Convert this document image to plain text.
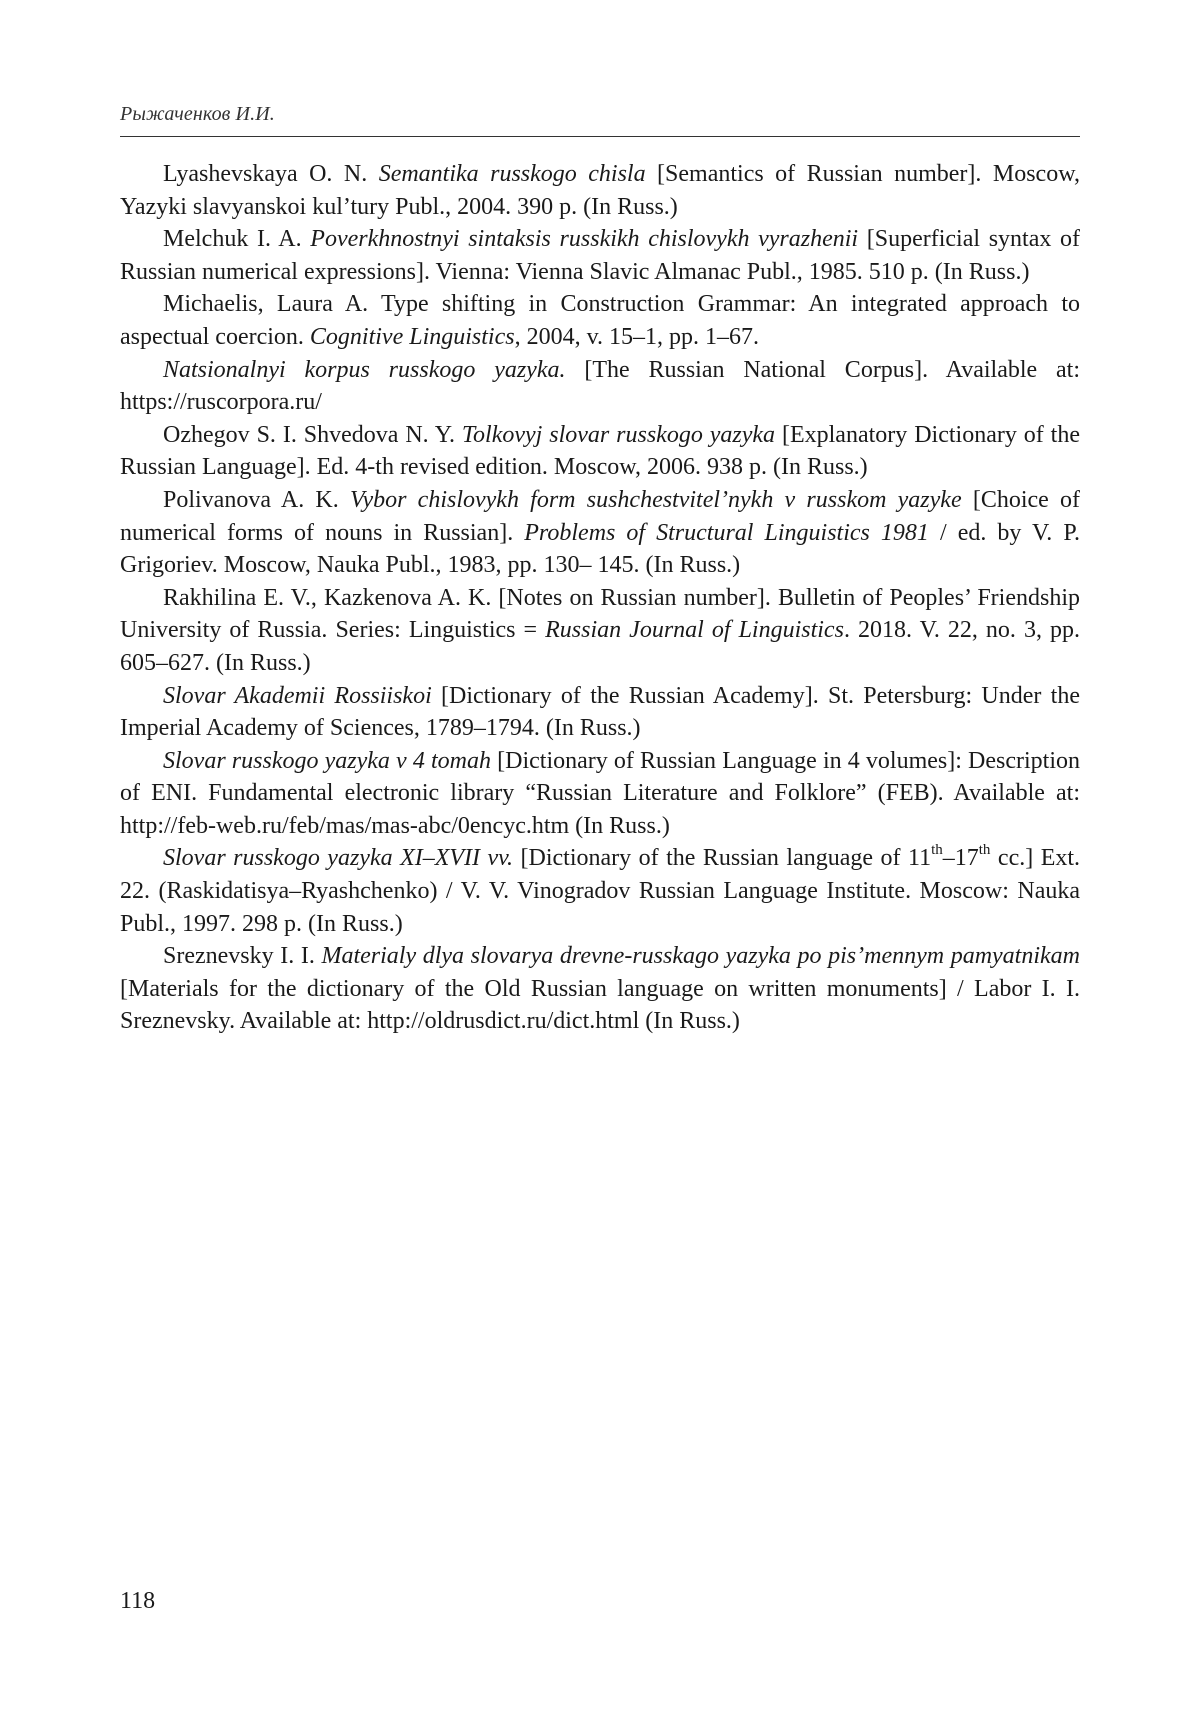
Рыжаченков И.И.

Lyashevskaya O. N. Semantika russkogo chisla [Semantics of Russian number]. Moscow, Yazyki slavyanskoi kul’tury Publ., 2004. 390 p. (In Russ.)

Melchuk I. A. Poverkhnostnyi sintaksis russkikh chislovykh vyrazhenii [Superficial syntax of Russian numerical expressions]. Vienna: Vienna Slavic Almanac Publ., 1985. 510 p. (In Russ.)

Michaelis, Laura A. Type shifting in Construction Grammar: An integrated approach to aspectual coercion. Cognitive Linguistics, 2004, v. 15–1, pp. 1–67.

Natsionalnyi korpus russkogo yazyka. [The Russian National Corpus]. Available at: https://ruscorpora.ru/

Ozhegov S. I. Shvedova N. Y. Tolkovyj slovar russkogo yazyka [Explanatory Dictionary of the Russian Language]. Ed. 4-th revised edition. Moscow, 2006. 938 p. (In Russ.)

Polivanova A. K. Vybor chislovykh form sushchestvitel’nykh v russkom yazyke [Choice of numerical forms of nouns in Russian]. Problems of Structural Linguistics 1981 / ed. by V. P. Grigoriev. Moscow, Nauka Publ., 1983, pp. 130– 145. (In Russ.)

Rakhilina E. V., Kazkenova A. K. [Notes on Russian number]. Bulletin of Peoples’ Friendship University of Russia. Series: Linguistics = Russian Journal of Linguistics. 2018. V. 22, no. 3, pp. 605–627. (In Russ.)

Slovar Akademii Rossiiskoi [Dictionary of the Russian Academy]. St. Petersburg: Under the Imperial Academy of Sciences, 1789–1794. (In Russ.)

Slovar russkogo yazyka v 4 tomah [Dictionary of Russian Language in 4 volumes]: Description of ENI. Fundamental electronic library “Russian Literature and Folklore” (FEB). Available at: http://feb-web.ru/feb/mas/mas-abc/0encyc.htm (In Russ.)

Slovar russkogo yazyka XI–XVII vv. [Dictionary of the Russian language of 11th–17th cc.] Ext. 22. (Raskidatisya–Ryashchenko) / V. V. Vinogradov Russian Language Institute. Moscow: Nauka Publ., 1997. 298 p. (In Russ.)

Sreznevsky I. I. Materialy dlya slovarya drevne-russkago yazyka po pis’mennym pamyatnikam [Materials for the dictionary of the Old Russian language on written monuments] / Labor I. I. Sreznevsky. Available at: http://oldrusdict.ru/dict.html (In Russ.)

118
